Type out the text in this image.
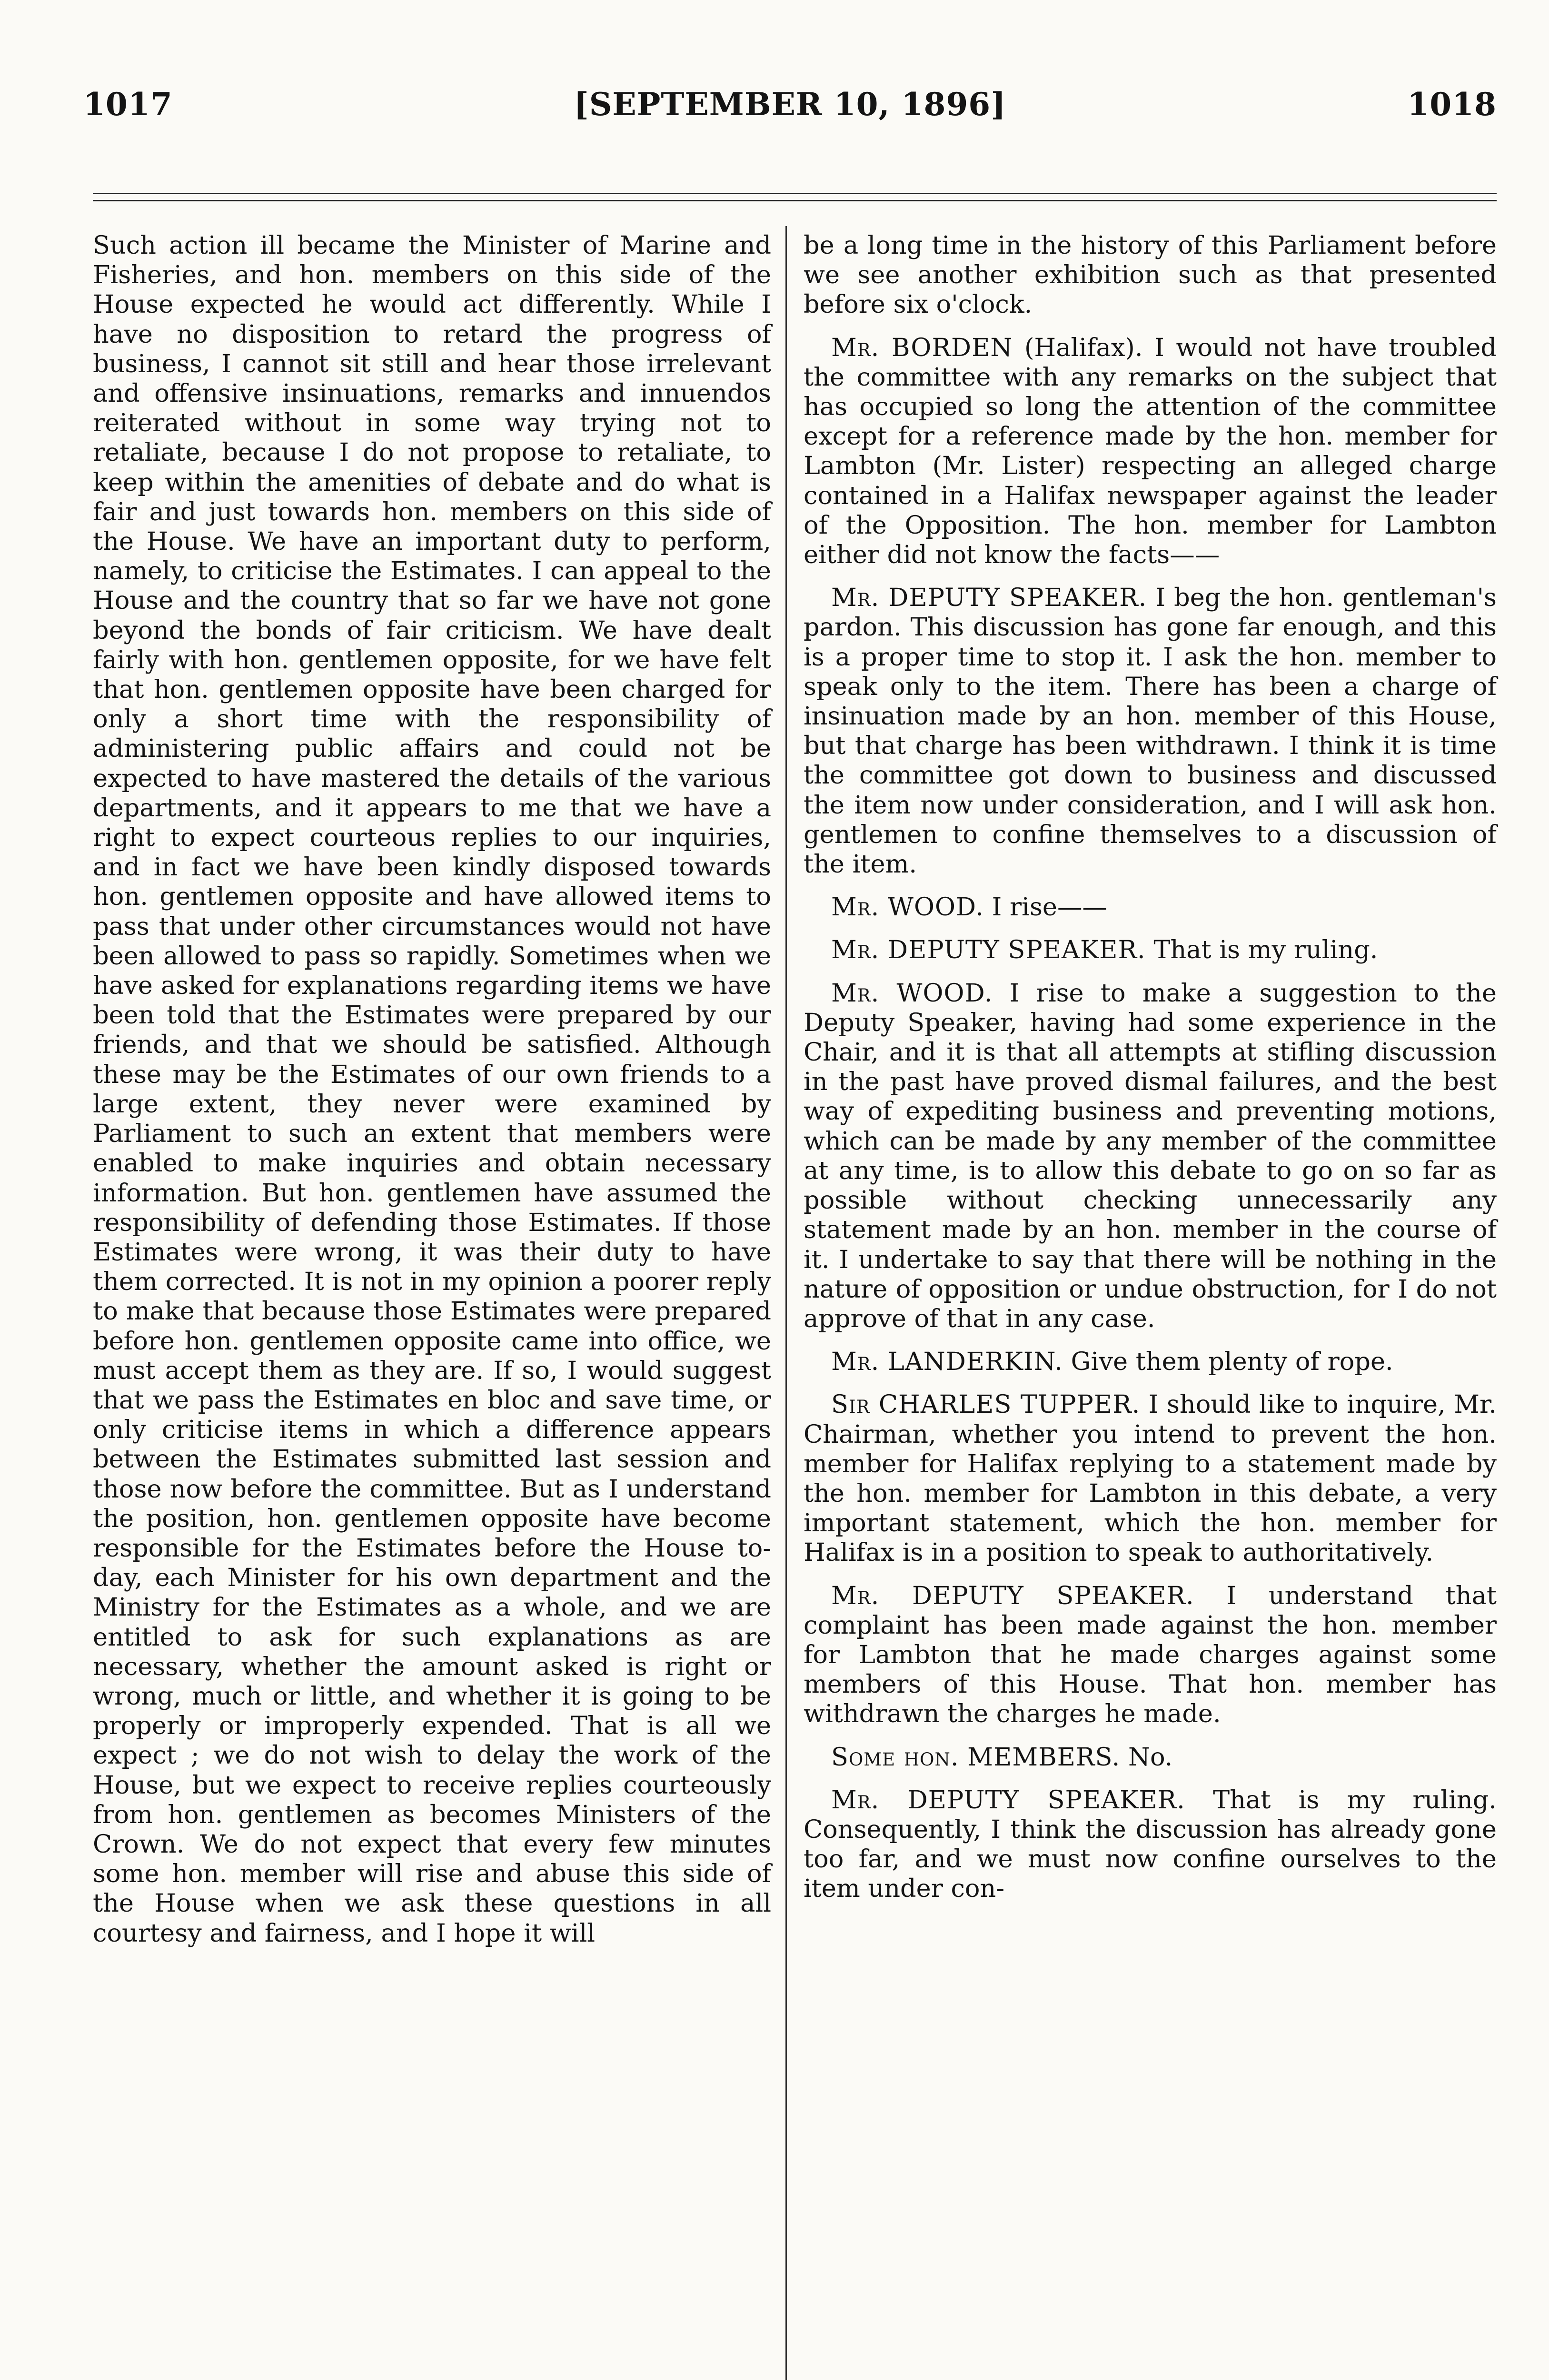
1017	[SEPTEMBER 10, 1896]	1018

Such action ill became the Minister of Marine and Fisheries, and hon. members on this side of the House expected he would act differently. While I have no disposition to retard the progress of business, I cannot sit still and hear those irrelevant and offensive insinuations, remarks and innuendos reiterated without in some way trying not to retaliate, because I do not propose to retaliate, to keep within the amenities of debate and do what is fair and just towards hon. members on this side of the House. We have an important duty to perform, namely, to criticise the Estimates. I can appeal to the House and the country that so far we have not gone beyond the bonds of fair criticism. We have dealt fairly with hon. gentlemen opposite, for we have felt that hon. gentlemen opposite have been charged for only a short time with the responsibility of administering public affairs and could not be expected to have mastered the details of the various departments, and it appears to me that we have a right to expect courteous replies to our inquiries, and in fact we have been kindly disposed towards hon. gentlemen opposite and have allowed items to pass that under other circumstances would not have been allowed to pass so rapidly. Sometimes when we have asked for explanations regarding items we have been told that the Estimates were prepared by our friends, and that we should be satisfied. Although these may be the Estimates of our own friends to a large extent, they never were examined by Parliament to such an extent that members were enabled to make inquiries and obtain necessary information. But hon. gentlemen have assumed the responsibility of defending those Estimates. If those Estimates were wrong, it was their duty to have them corrected. It is not in my opinion a poorer reply to make that because those Estimates were prepared before hon. gentlemen opposite came into office, we must accept them as they are. If so, I would suggest that we pass the Estimates en bloc and save time, or only criticise items in which a difference appears between the Estimates submitted last session and those now before the committee. But as I understand the position, hon. gentlemen opposite have become responsible for the Estimates before the House to-day, each Minister for his own department and the Ministry for the Estimates as a whole, and we are entitled to ask for such explanations as are necessary, whether the amount asked is right or wrong, much or little, and whether it is going to be properly or improperly expended. That is all we expect ; we do not wish to delay the work of the House, but we expect to receive replies courteously from hon. gentlemen as becomes Ministers of the Crown. We do not expect that every few minutes some hon. member will rise and abuse this side of the House when we ask these questions in all courtesy and fairness, and I hope it will

be a long time in the history of this Parliament before we see another exhibition such as that presented before six o'clock.

Mr. BORDEN (Halifax). I would not have troubled the committee with any remarks on the subject that has occupied so long the attention of the committee except for a reference made by the hon. member for Lambton (Mr. Lister) respecting an alleged charge contained in a Halifax newspaper against the leader of the Opposition. The hon. member for Lambton either did not know the facts——

Mr. DEPUTY SPEAKER. I beg the hon. gentleman's pardon. This discussion has gone far enough, and this is a proper time to stop it. I ask the hon. member to speak only to the item. There has been a charge of insinuation made by an hon. member of this House, but that charge has been withdrawn. I think it is time the committee got down to business and discussed the item now under consideration, and I will ask hon. gentlemen to confine themselves to a discussion of the item.

Mr. WOOD. I rise——

Mr. DEPUTY SPEAKER. That is my ruling.

Mr. WOOD. I rise to make a suggestion to the Deputy Speaker, having had some experience in the Chair, and it is that all attempts at stifling discussion in the past have proved dismal failures, and the best way of expediting business and preventing motions, which can be made by any member of the committee at any time, is to allow this debate to go on so far as possible without checking unnecessarily any statement made by an hon. member in the course of it. I undertake to say that there will be nothing in the nature of opposition or undue obstruction, for I do not approve of that in any case.

Mr. LANDERKIN. Give them plenty of rope.

Sir CHARLES TUPPER. I should like to inquire, Mr. Chairman, whether you intend to prevent the hon. member for Halifax replying to a statement made by the hon. member for Lambton in this debate, a very important statement, which the hon. member for Halifax is in a position to speak to authoritatively.

Mr. DEPUTY SPEAKER. I understand that complaint has been made against the hon. member for Lambton that he made charges against some members of this House. That hon. member has withdrawn the charges he made.

Some hon. MEMBERS. No.

Mr. DEPUTY SPEAKER. That is my ruling. Consequently, I think the discussion has already gone too far, and we must now confine ourselves to the item under con-
